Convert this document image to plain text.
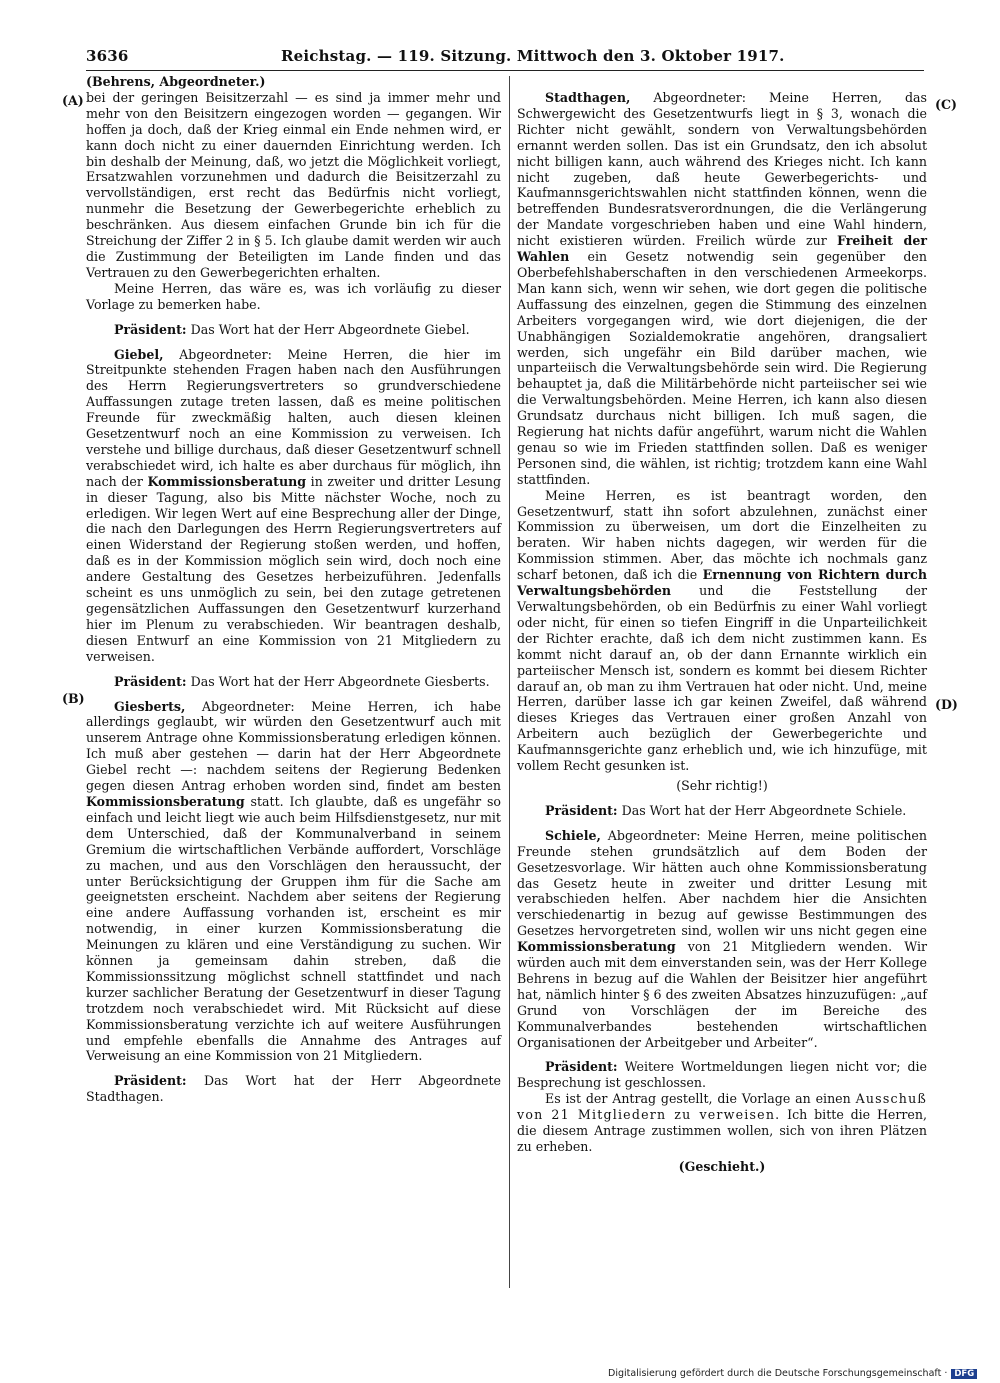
3636	Reichstag. — 119. Sitzung. Mittwoch den 3. Oktober 1917.
(A)
(B)
(C)
(D)

(Behrens, Abgeordneter.)

bei der geringen Beisitzerzahl — es sind ja immer mehr und mehr von den Beisitzern eingezogen worden — gegangen. Wir hoffen ja doch, daß der Krieg einmal ein Ende nehmen wird, er kann doch nicht zu einer dauernden Einrichtung werden. Ich bin deshalb der Meinung, daß, wo jetzt die Möglichkeit vorliegt, Ersatzwahlen vorzunehmen und dadurch die Beisitzerzahl zu vervollständigen, erst recht das Bedürfnis nicht vorliegt, nunmehr die Besetzung der Gewerbegerichte erheblich zu beschränken. Aus diesem einfachen Grunde bin ich für die Streichung der Ziffer 2 in § 5. Ich glaube damit werden wir auch die Zustimmung der Beteiligten im Lande finden und das Vertrauen zu den Gewerbegerichten erhalten.

Meine Herren, das wäre es, was ich vorläufig zu dieser Vorlage zu bemerken habe.

Präsident: Das Wort hat der Herr Abgeordnete Giebel.

Giebel, Abgeordneter: Meine Herren, die hier im Streitpunkte stehenden Fragen haben nach den Ausführungen des Herrn Regierungsvertreters so grundverschiedene Auffassungen zutage treten lassen, daß es meine politischen Freunde für zweckmäßig halten, auch diesen kleinen Gesetzentwurf noch an eine Kommission zu verweisen. Ich verstehe und billige durchaus, daß dieser Gesetzentwurf schnell verabschiedet wird, ich halte es aber durchaus für möglich, ihn nach der Kommissionsberatung in zweiter und dritter Lesung in dieser Tagung, also bis Mitte nächster Woche, noch zu erledigen. Wir legen Wert auf eine Besprechung aller der Dinge, die nach den Darlegungen des Herrn Regierungsvertreters auf einen Widerstand der Regierung stoßen werden, und hoffen, daß es in der Kommission möglich sein wird, doch noch eine andere Gestaltung des Gesetzes herbeizuführen. Jedenfalls scheint es uns unmöglich zu sein, bei den zutage getretenen gegensätzlichen Auffassungen den Gesetzentwurf kurzerhand hier im Plenum zu verabschieden. Wir beantragen deshalb, diesen Entwurf an eine Kommission von 21 Mitgliedern zu verweisen.

Präsident: Das Wort hat der Herr Abgeordnete Giesberts.

Giesberts, Abgeordneter: Meine Herren, ich habe allerdings geglaubt, wir würden den Gesetzentwurf auch mit unserem Antrage ohne Kommissionsberatung erledigen können. Ich muß aber gestehen — darin hat der Herr Abgeordnete Giebel recht —: nachdem seitens der Regierung Bedenken gegen diesen Antrag erhoben worden sind, findet am besten Kommissionsberatung statt. Ich glaubte, daß es ungefähr so einfach und leicht liegt wie auch beim Hilfsdienstgesetz, nur mit dem Unterschied, daß der Kommunalverband in seinem Gremium die wirtschaftlichen Verbände auffordert, Vorschläge zu machen, und aus den Vorschlägen den heraussucht, der unter Berücksichtigung der Gruppen ihm für die Sache am geeignetsten erscheint. Nachdem aber seitens der Regierung eine andere Auffassung vorhanden ist, erscheint es mir notwendig, in einer kurzen Kommissionsberatung die Meinungen zu klären und eine Verständigung zu suchen. Wir können ja gemeinsam dahin streben, daß die Kommissionssitzung möglichst schnell stattfindet und nach kurzer sachlicher Beratung der Gesetzentwurf in dieser Tagung trotzdem noch verabschiedet wird. Mit Rücksicht auf diese Kommissionsberatung verzichte ich auf weitere Ausführungen und empfehle ebenfalls die Annahme des Antrages auf Verweisung an eine Kommission von 21 Mitgliedern.

Präsident: Das Wort hat der Herr Abgeordnete Stadthagen.

Stadthagen, Abgeordneter: Meine Herren, das Schwergewicht des Gesetzentwurfs liegt in § 3, wonach die Richter nicht gewählt, sondern von Verwaltungsbehörden ernannt werden sollen. Das ist ein Grundsatz, den ich absolut nicht billigen kann, auch während des Krieges nicht. Ich kann nicht zugeben, daß heute Gewerbegerichts- und Kaufmannsgerichtswahlen nicht stattfinden können, wenn die betreffenden Bundesratsverordnungen, die die Verlängerung der Mandate vorgeschrieben haben und eine Wahl hindern, nicht existieren würden. Freilich würde zur Freiheit der Wahlen ein Gesetz notwendig sein gegenüber den Oberbefehlshaberschaften in den verschiedenen Armeekorps. Man kann sich, wenn wir sehen, wie dort gegen die politische Auffassung des einzelnen, gegen die Stimmung des einzelnen Arbeiters vorgegangen wird, wie dort diejenigen, die der Unabhängigen Sozialdemokratie angehören, drangsaliert werden, sich ungefähr ein Bild darüber machen, wie unparteiisch die Verwaltungsbehörde sein wird. Die Regierung behauptet ja, daß die Militärbehörde nicht parteiischer sei wie die Verwaltungsbehörden. Meine Herren, ich kann also diesen Grundsatz durchaus nicht billigen. Ich muß sagen, die Regierung hat nichts dafür angeführt, warum nicht die Wahlen genau so wie im Frieden stattfinden sollen. Daß es weniger Personen sind, die wählen, ist richtig; trotzdem kann eine Wahl stattfinden.

Meine Herren, es ist beantragt worden, den Gesetzentwurf, statt ihn sofort abzulehnen, zunächst einer Kommission zu überweisen, um dort die Einzelheiten zu beraten. Wir haben nichts dagegen, wir werden für die Kommission stimmen. Aber, das möchte ich nochmals ganz scharf betonen, daß ich die Ernennung von Richtern durch Verwaltungsbehörden und die Feststellung der Verwaltungsbehörden, ob ein Bedürfnis zu einer Wahl vorliegt oder nicht, für einen so tiefen Eingriff in die Unparteilichkeit der Richter erachte, daß ich dem nicht zustimmen kann. Es kommt nicht darauf an, ob der dann Ernannte wirklich ein parteiischer Mensch ist, sondern es kommt bei diesem Richter darauf an, ob man zu ihm Vertrauen hat oder nicht. Und, meine Herren, darüber lasse ich gar keinen Zweifel, daß während dieses Krieges das Vertrauen einer großen Anzahl von Arbeitern auch bezüglich der Gewerbegerichte und Kaufmannsgerichte ganz erheblich und, wie ich hinzufüge, mit vollem Recht gesunken ist.

(Sehr richtig!)

Präsident: Das Wort hat der Herr Abgeordnete Schiele.

Schiele, Abgeordneter: Meine Herren, meine politischen Freunde stehen grundsätzlich auf dem Boden der Gesetzesvorlage. Wir hätten auch ohne Kommissionsberatung das Gesetz heute in zweiter und dritter Lesung mit verabschieden helfen. Aber nachdem hier die Ansichten verschiedenartig in bezug auf gewisse Bestimmungen des Gesetzes hervorgetreten sind, wollen wir uns nicht gegen eine Kommissionsberatung von 21 Mitgliedern wenden. Wir würden auch mit dem einverstanden sein, was der Herr Kollege Behrens in bezug auf die Wahlen der Beisitzer hier angeführt hat, nämlich hinter § 6 des zweiten Absatzes hinzuzufügen: „auf Grund von Vorschlägen der im Bereiche des Kommunalverbandes bestehenden wirtschaftlichen Organisationen der Arbeitgeber und Arbeiter“.

Präsident: Weitere Wortmeldungen liegen nicht vor; die Besprechung ist geschlossen.

Es ist der Antrag gestellt, die Vorlage an einen Ausschuß von 21 Mitgliedern zu verweisen. Ich bitte die Herren, die diesem Antrage zustimmen wollen, sich von ihren Plätzen zu erheben.

(Geschieht.)

Digitalisierung gefördert durch die Deutsche Forschungsgemeinschaft · DFG
